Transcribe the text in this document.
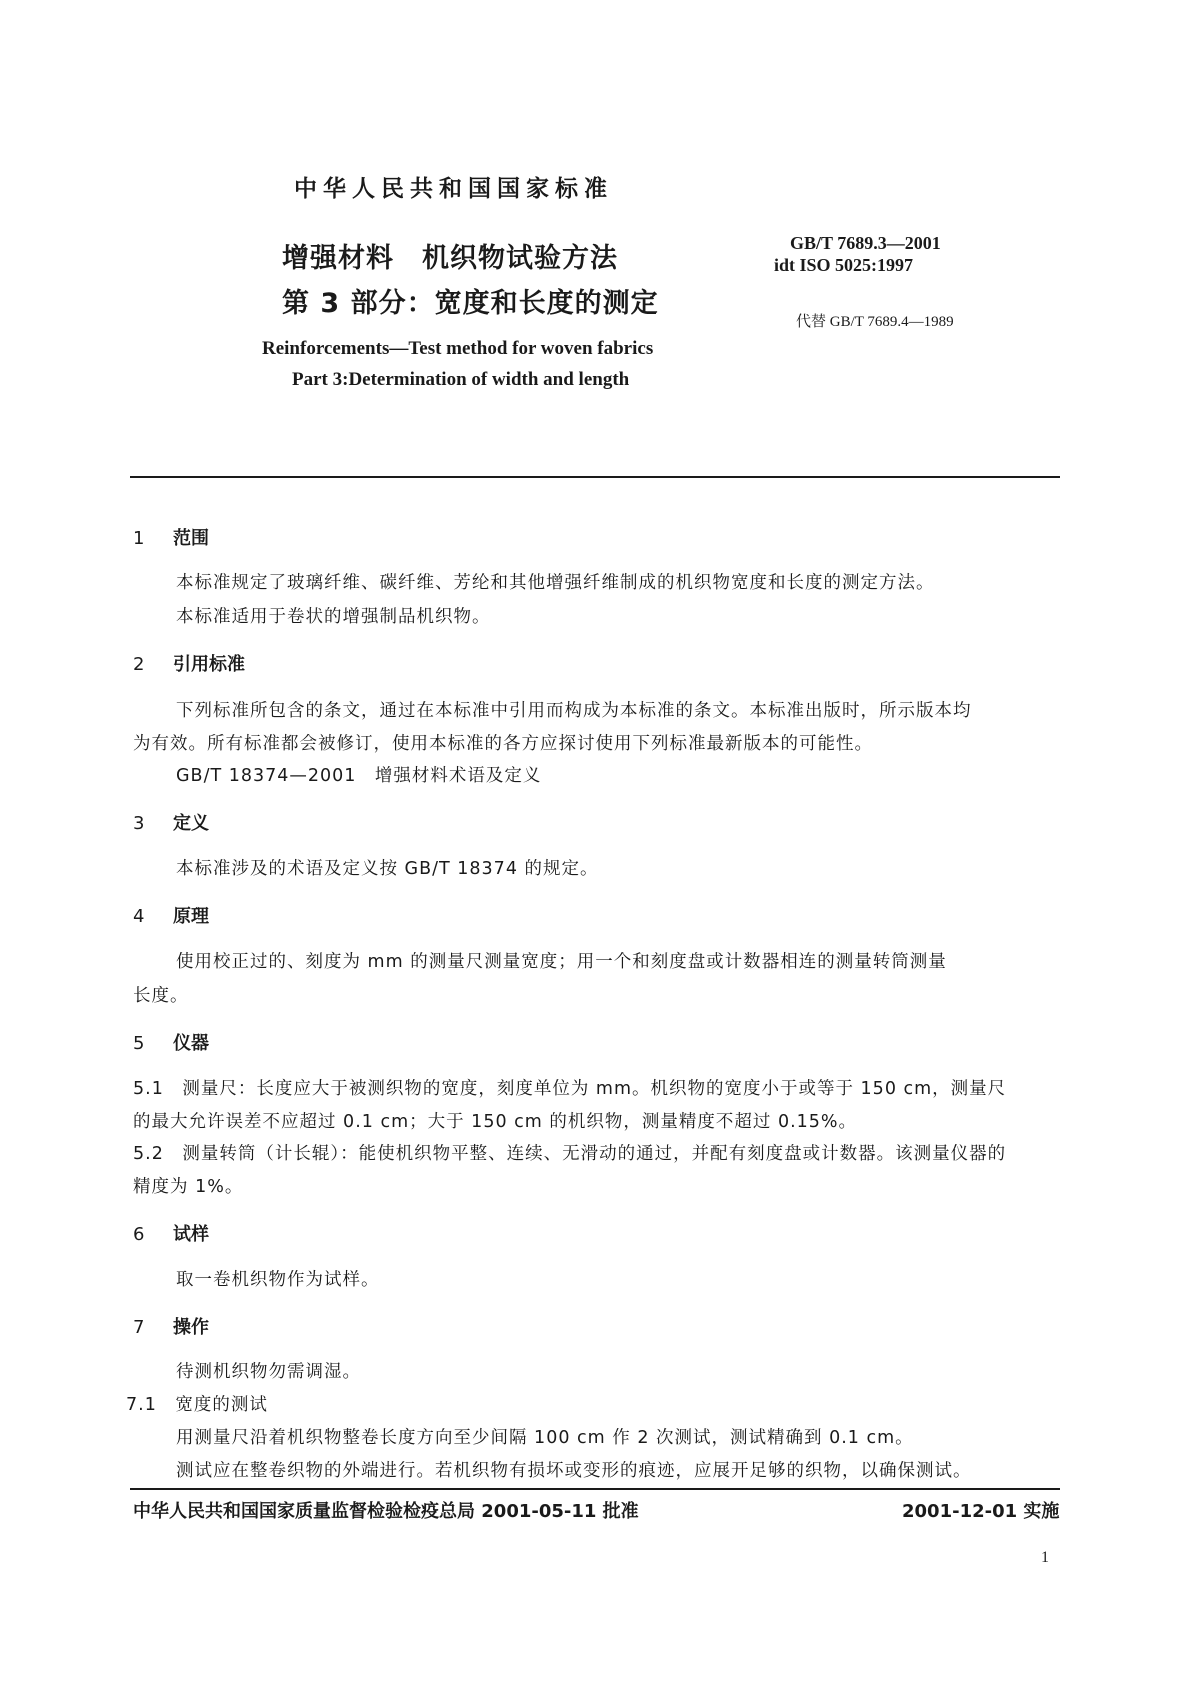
中华人民共和国国家标准
增强材料　机织物试验方法
第 3 部分：宽度和长度的测定
GB/T 7689.3—2001
idt ISO 5025:1997
代替 GB/T 7689.4—1989
Reinforcements—Test method for woven fabrics
Part 3:Determination of width and length
1 范围
本标准规定了玻璃纤维、碳纤维、芳纶和其他增强纤维制成的机织物宽度和长度的测定方法。
本标准适用于卷状的增强制品机织物。
2 引用标准
下列标准所包含的条文，通过在本标准中引用而构成为本标准的条文。本标准出版时，所示版本均
为有效。所有标准都会被修订，使用本标准的各方应探讨使用下列标准最新版本的可能性。
GB/T 18374—2001　增强材料术语及定义
3 定义
本标准涉及的术语及定义按 GB/T 18374 的规定。
4 原理
使用校正过的、刻度为 mm 的测量尺测量宽度；用一个和刻度盘或计数器相连的测量转筒测量
长度。
5 仪器
5.1　测量尺：长度应大于被测织物的宽度，刻度单位为 mm。机织物的宽度小于或等于 150 cm，测量尺
的最大允许误差不应超过 0.1 cm；大于 150 cm 的机织物，测量精度不超过 0.15%。
5.2　测量转筒（计长辊）：能使机织物平整、连续、无滑动的通过，并配有刻度盘或计数器。该测量仪器的
精度为 1%。
6 试样
取一卷机织物作为试样。
7 操作
待测机织物勿需调湿。
7.1　宽度的测试
用测量尺沿着机织物整卷长度方向至少间隔 100 cm 作 2 次测试，测试精确到 0.1 cm。
测试应在整卷织物的外端进行。若机织物有损坏或变形的痕迹，应展开足够的织物，以确保测试。
中华人民共和国国家质量监督检验检疫总局 2001-05-11 批准	2001-12-01 实施
1
